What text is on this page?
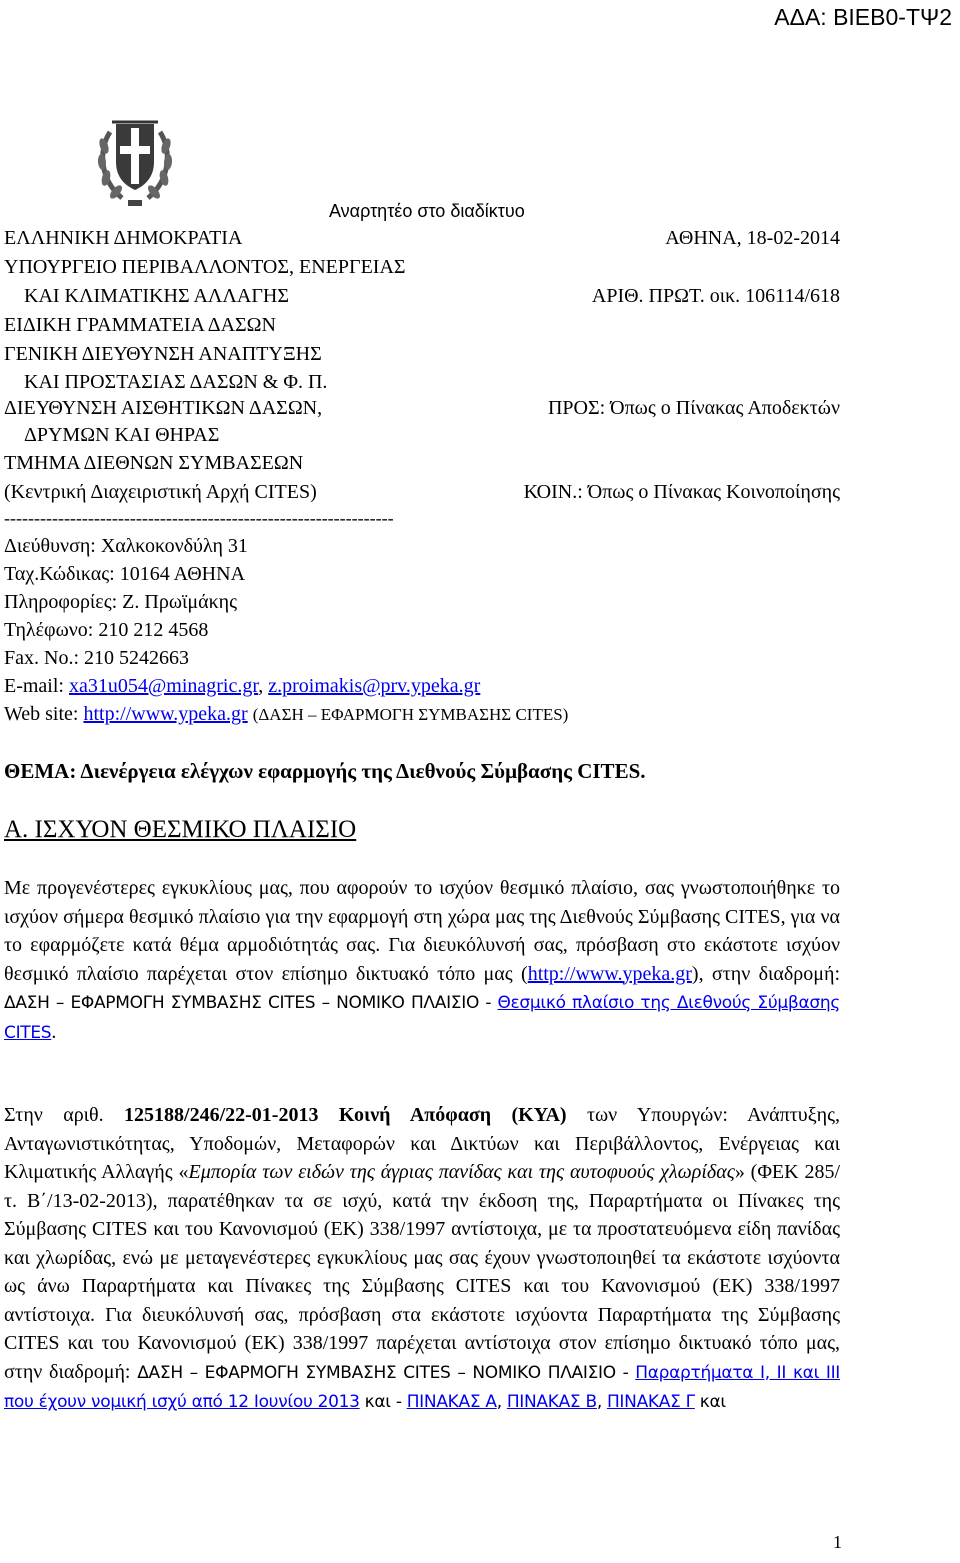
ΑΔΑ: ΒΙΕΒ0-ΤΨ2
Αναρτητέο στο διαδίκτυο
ΕΛΛΗΝΙΚΗ ΔΗΜΟΚΡΑΤΙΑ
ΥΠΟΥΡΓΕΙΟ ΠΕΡΙΒΑΛΛΟΝΤΟΣ, ΕΝΕΡΓΕΙΑΣ
ΚΑΙ ΚΛΙΜΑΤΙΚΗΣ ΑΛΛΑΓΗΣ
ΕΙΔΙΚΗ ΓΡΑΜΜΑΤΕΙΑ ΔΑΣΩΝ
ΓΕΝΙΚΗ ΔΙΕΥΘΥΝΣΗ ΑΝΑΠΤΥΞΗΣ
ΚΑΙ ΠΡΟΣΤΑΣΙΑΣ ΔΑΣΩΝ & Φ. Π.
ΔΙΕΥΘΥΝΣΗ ΑΙΣΘΗΤΙΚΩΝ ΔΑΣΩΝ,
ΔΡΥΜΩΝ ΚΑΙ ΘΗΡΑΣ
ΤΜΗΜΑ ΔΙΕΘΝΩΝ ΣΥΜΒΑΣΕΩΝ
(Κεντρική Διαχειριστική Αρχή CITES)
ΑΘΗΝΑ, 18-02-2014
ΑΡΙΘ. ΠΡΩΤ. οικ. 106114/618
ΠΡΟΣ: Όπως ο Πίνακας Αποδεκτών
ΚΟΙΝ.: Όπως ο Πίνακας Κοινοποίησης
-----------------------------------------------------------------
Διεύθυνση: Χαλκοκονδύλη 31
Ταχ.Κώδικας: 10164 ΑΘΗΝΑ
Πληροφορίες: Ζ. Πρωϊμάκης
Τηλέφωνο: 210 212 4568
Fax. No.: 210 5242663
E-mail: xa31u054@minagric.gr, z.proimakis@prv.ypeka.gr
Web site: http://www.ypeka.gr (ΔΑΣΗ – ΕΦΑΡΜΟΓΗ ΣΥΜΒΑΣΗΣ CITES)
ΘΕΜΑ: Διενέργεια ελέγχων εφαρμογής της Διεθνούς Σύμβασης CITES.
Α. ΙΣΧΥΟΝ ΘΕΣΜΙΚΟ ΠΛΑΙΣΙΟ
Με προγενέστερες εγκυκλίους μας, που αφορούν το ισχύον θεσμικό πλαίσιο, σας γνωστοποιήθηκε το ισχύον σήμερα θεσμικό πλαίσιο για την εφαρμογή στη χώρα μας της Διεθνούς Σύμβασης CITES, για να το εφαρμόζετε κατά θέμα αρμοδιότητάς σας. Για διευκόλυνσή σας, πρόσβαση στο εκάστοτε ισχύον θεσμικό πλαίσιο παρέχεται στον επίσημο δικτυακό τόπο μας (http://www.ypeka.gr), στην διαδρομή: ΔΑΣΗ – ΕΦΑΡΜΟΓΗ ΣΥΜΒΑΣΗΣ CITES – ΝΟΜΙΚΟ ΠΛΑΙΣΙΟ - Θεσμικό πλαίσιο της Διεθνούς Σύμβασης CITES.
Στην αριθ. 125188/246/22-01-2013 Κοινή Απόφαση (ΚΥΑ) των Υπουργών: Ανάπτυξης, Ανταγωνιστικότητας, Υποδομών, Μεταφορών και Δικτύων και Περιβάλλοντος, Ενέργειας και Κλιματικής Αλλαγής «Εμπορία των ειδών της άγριας πανίδας και της αυτοφυούς χλωρίδας» (ΦΕΚ 285/τ. Β΄/13-02-2013), παρατέθηκαν τα σε ισχύ, κατά την έκδοση της, Παραρτήματα οι Πίνακες της Σύμβασης CITES και του Κανονισμού (ΕΚ) 338/1997 αντίστοιχα, με τα προστατευόμενα είδη πανίδας και χλωρίδας, ενώ με μεταγενέστερες εγκυκλίους μας σας έχουν γνωστοποιηθεί τα εκάστοτε ισχύοντα ως άνω Παραρτήματα και Πίνακες της Σύμβασης CITES και του Κανονισμού (ΕΚ) 338/1997 αντίστοιχα. Για διευκόλυνσή σας, πρόσβαση στα εκάστοτε ισχύοντα Παραρτήματα της Σύμβασης CITES και του Κανονισμού (ΕΚ) 338/1997 παρέχεται αντίστοιχα στον επίσημο δικτυακό τόπο μας, στην διαδρομή: ΔΑΣΗ – ΕΦΑΡΜΟΓΗ ΣΥΜΒΑΣΗΣ CITES – ΝΟΜΙΚΟ ΠΛΑΙΣΙΟ - Παραρτήματα I, II και III που έχουν νομική ισχύ από 12 Ιουνίου 2013 και - ΠΙΝΑΚΑΣ Α, ΠΙΝΑΚΑΣ Β, ΠΙΝΑΚΑΣ Γ και
1
